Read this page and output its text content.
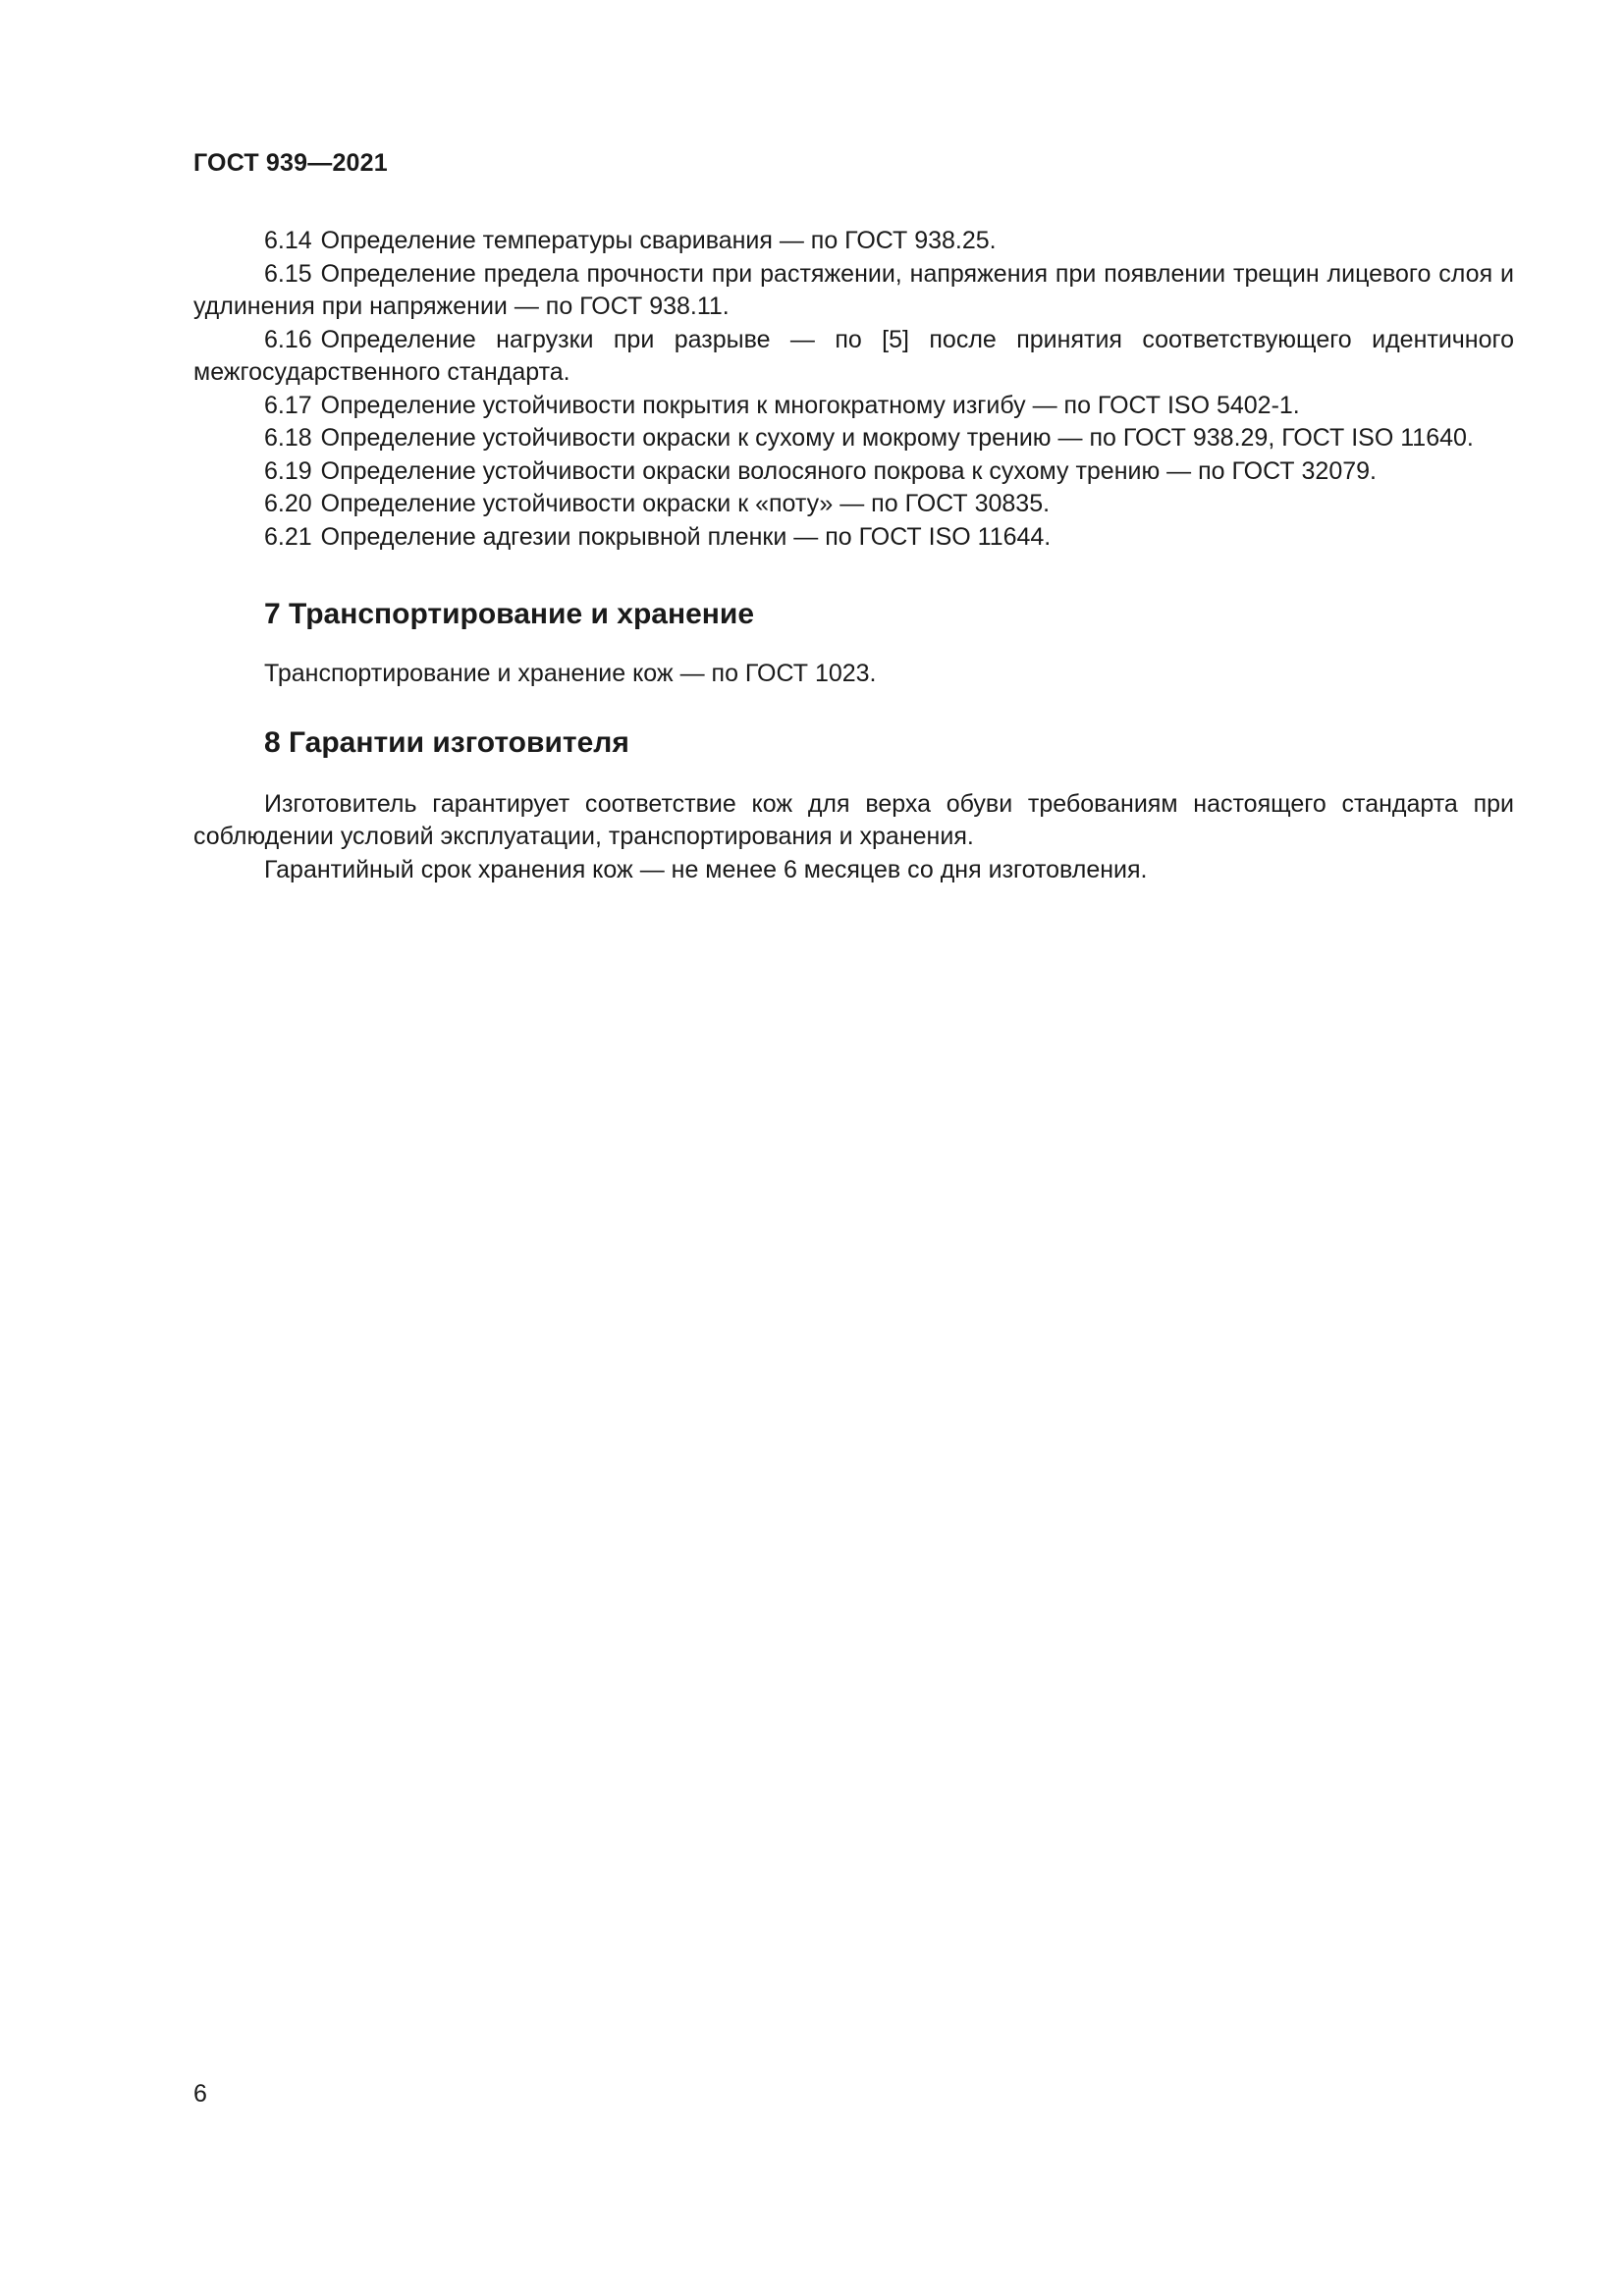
ГОСТ 939—2021

6.14 Определение температуры сваривания — по ГОСТ 938.25.

6.15 Определение предела прочности при растяжении, напряжения при появлении трещин лицевого слоя и удлинения при напряжении — по ГОСТ 938.11.

6.16 Определение нагрузки при разрыве — по [5] после принятия соответствующего идентичного межгосударственного стандарта.

6.17 Определение устойчивости покрытия к многократному изгибу — по ГОСТ ISO 5402-1.

6.18 Определение устойчивости окраски к сухому и мокрому трению — по ГОСТ 938.29, ГОСТ ISO 11640.

6.19 Определение устойчивости окраски волосяного покрова к сухому трению — по ГОСТ 32079.

6.20 Определение устойчивости окраски к «поту» — по ГОСТ 30835.

6.21 Определение адгезии покрывной пленки — по ГОСТ ISO 11644.

7 Транспортирование и хранение

Транспортирование и хранение кож — по ГОСТ 1023.

8 Гарантии изготовителя

Изготовитель гарантирует соответствие кож для верха обуви требованиям настоящего стандарта при соблюдении условий эксплуатации, транспортирования и хранения.

Гарантийный срок хранения кож — не менее 6 месяцев со дня изготовления.

6
